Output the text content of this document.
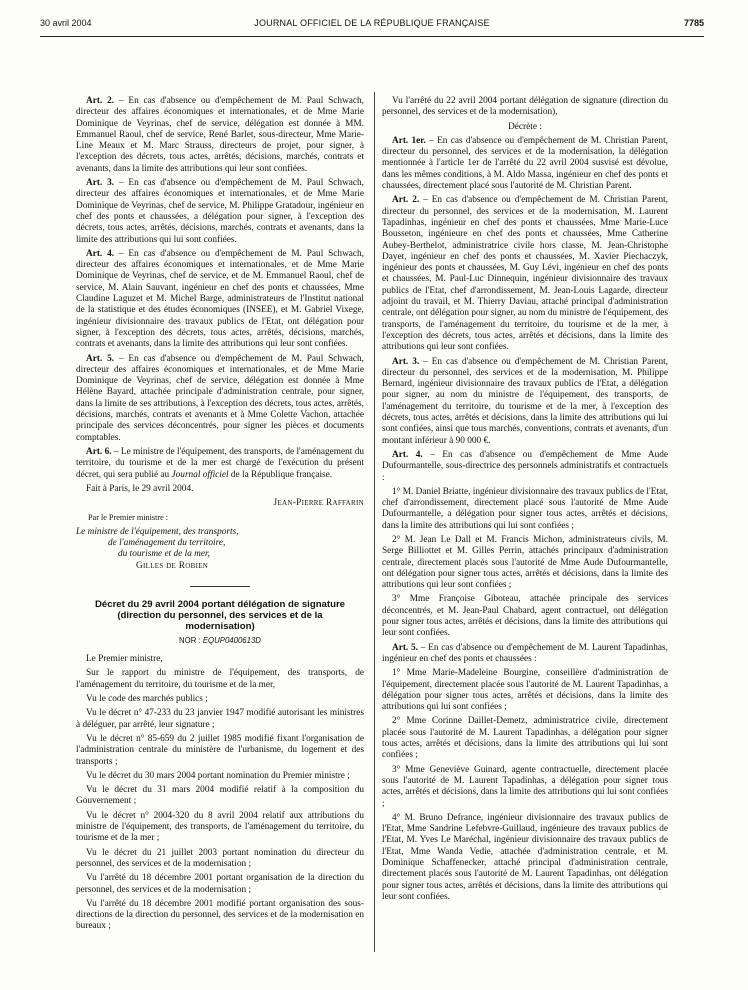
30 avril 2004	JOURNAL OFFICIEL DE LA RÉPUBLIQUE FRANÇAISE	7785

Art. 2. – En cas d'absence ou d'empêchement de M. Paul Schwach, directeur des affaires économiques et internationales, et de Mme Marie Dominique de Veyrinas, chef de service, délégation est donnée à MM. Emmanuel Raoul, chef de service, René Barlet, sous-directeur, Mme Marie-Line Meaux et M. Marc Strauss, directeurs de projet, pour signer, à l'exception des décrets, tous actes, arrêtés, décisions, marchés, contrats et avenants, dans la limite des attributions qui leur sont confiées.

Art. 3. – En cas d'absence ou d'empêchement de M. Paul Schwach, directeur des affaires économiques et internationales, et de Mme Marie Dominique de Veyrinas, chef de service, M. Philippe Gratadour, ingénieur en chef des ponts et chaussées, a délégation pour signer, à l'exception des décrets, tous actes, arrêtés, décisions, marchés, contrats et avenants, dans la limite des attributions qui lui sont confiées.

Art. 4. – En cas d'absence ou d'empêchement de M. Paul Schwach, directeur des affaires économiques et internationales, et de Mme Marie Dominique de Veyrinas, chef de service, et de M. Emmanuel Raoul, chef de service, M. Alain Sauvant, ingénieur en chef des ponts et chaussées, Mme Claudine Laguzet et M. Michel Barge, administrateurs de l'Institut national de la statistique et des études économiques (INSEE), et M. Gabriel Vixege, ingénieur divisionnaire des travaux publics de l'Etat, ont délégation pour signer, à l'exception des décrets, tous actes, arrêtés, décisions, marchés, contrats et avenants, dans la limite des attributions qui leur sont confiées.

Art. 5. – En cas d'absence ou d'empêchement de M. Paul Schwach, directeur des affaires économiques et internationales, et de Mme Marie Dominique de Veyrinas, chef de service, délégation est donnée à Mme Hélène Bayard, attachée principale d'administration centrale, pour signer, dans la limite de ses attributions, à l'exception des décrets, tous actes, arrêtés, décisions, marchés, contrats et avenants et à Mme Colette Vachon, attachée principale des services déconcentrés, pour signer les pièces et documents comptables.

Art. 6. – Le ministre de l'équipement, des transports, de l'aménagement du territoire, du tourisme et de la mer est chargé de l'exécution du présent décret, qui sera publié au Journal officiel de la République française.

Fait à Paris, le 29 avril 2004.

Jean-Pierre Raffarin

Par le Premier ministre :

Le ministre de l'équipement, des transports,
de l'aménagement du territoire,
du tourisme et de la mer,

Gilles de Robien

Décret du 29 avril 2004 portant délégation de signature (direction du personnel, des services et de la modernisation)

NOR : EQUP0400613D

Le Premier ministre,

Sur le rapport du ministre de l'équipement, des transports, de l'aménagement du territoire, du tourisme et de la mer,

Vu le code des marchés publics ;

Vu le décret n° 47-233 du 23 janvier 1947 modifié autorisant les ministres à déléguer, par arrêté, leur signature ;

Vu le décret n° 85-659 du 2 juillet 1985 modifié fixant l'organisation de l'administration centrale du ministère de l'urbanisme, du logement et des transports ;

Vu le décret du 30 mars 2004 portant nomination du Premier ministre ;

Vu le décret du 31 mars 2004 modifié relatif à la composition du Gouvernement ;

Vu le décret n° 2004-320 du 8 avril 2004 relatif aux attributions du ministre de l'équipement, des transports, de l'aménagement du territoire, du tourisme et de la mer ;

Vu le décret du 21 juillet 2003 portant nomination du directeur du personnel, des services et de la modernisation ;

Vu l'arrêté du 18 décembre 2001 portant organisation de la direction du personnel, des services et de la modernisation ;

Vu l'arrêté du 18 décembre 2001 modifié portant organisation des sous-directions de la direction du personnel, des services et de la modernisation en bureaux ;

Vu l'arrêté du 22 avril 2004 portant délégation de signature (direction du personnel, des services et de la modernisation),

Décrète :

Art. 1er. – En cas d'absence ou d'empêchement de M. Christian Parent, directeur du personnel, des services et de la modernisation, la délégation mentionnée à l'article 1er de l'arrêté du 22 avril 2004 susvisé est dévolue, dans les mêmes conditions, à M. Aldo Massa, ingénieur en chef des ponts et chaussées, directement placé sous l'autorité de M. Christian Parent.

Art. 2. – En cas d'absence ou d'empêchement de M. Christian Parent, directeur du personnel, des services et de la modernisation, M. Laurent Tapadinhas, ingénieur en chef des ponts et chaussées, Mme Marie-Luce Bousseton, ingénieure en chef des ponts et chaussées, Mme Catherine Aubey-Berthelot, administratrice civile hors classe, M. Jean-Christophe Dayet, ingénieur en chef des ponts et chaussées, M. Xavier Piechaczyk, ingénieur des ponts et chaussées, M. Guy Lévi, ingénieur en chef des ponts et chaussées, M. Paul-Luc Dinnequin, ingénieur divisionnaire des travaux publics de l'Etat, chef d'arrondissement, M. Jean-Louis Lagarde, directeur adjoint du travail, et M. Thierry Daviau, attaché principal d'administration centrale, ont délégation pour signer, au nom du ministre de l'équipement, des transports, de l'aménagement du territoire, du tourisme et de la mer, à l'exception des décrets, tous actes, arrêtés et décisions, dans la limite des attributions qui leur sont confiées.

Art. 3. – En cas d'absence ou d'empêchement de M. Christian Parent, directeur du personnel, des services et de la modernisation, M. Philippe Bernard, ingénieur divisionnaire des travaux publics de l'Etat, a délégation pour signer, au nom du ministre de l'équipement, des transports, de l'aménagement du territoire, du tourisme et de la mer, à l'exception des décrets, tous actes, arrêtés et décisions, dans la limite des attributions qui lui sont confiées, ainsi que tous marchés, conventions, contrats et avenants, d'un montant inférieur à 90 000 €.

Art. 4. – En cas d'absence ou d'empêchement de Mme Aude Dufourmantelle, sous-directrice des personnels administratifs et contractuels :

1° M. Daniel Briatte, ingénieur divisionnaire des travaux publics de l'Etat, chef d'arrondissement, directement placé sous l'autorité de Mme Aude Dufourmantelle, a délégation pour signer tous actes, arrêtés et décisions, dans la limite des attributions qui lui sont confiées ;

2° M. Jean Le Dall et M. Francis Michon, administrateurs civils, M. Serge Billiottet et M. Gilles Perrin, attachés principaux d'administration centrale, directement placés sous l'autorité de Mme Aude Dufourmantelle, ont délégation pour signer tous actes, arrêtés et décisions, dans la limite des attributions qui leur sont confiées ;

3° Mme Françoise Giboteau, attachée principale des services déconcentrés, et M. Jean-Paul Chabard, agent contractuel, ont délégation pour signer tous actes, arrêtés et décisions, dans la limite des attributions qui leur sont confiées.

Art. 5. – En cas d'absence ou d'empêchement de M. Laurent Tapadinhas, ingénieur en chef des ponts et chaussées :

1° Mme Marie-Madeleine Bourgine, conseillère d'administration de l'équipement, directement placée sous l'autorité de M. Laurent Tapadinhas, a délégation pour signer tous actes, arrêtés et décisions, dans la limite des attributions qui lui sont confiées ;

2° Mme Corinne Daillet-Demetz, administratrice civile, directement placée sous l'autorité de M. Laurent Tapadinhas, a délégation pour signer tous actes, arrêtés et décisions, dans la limite des attributions qui lui sont confiées ;

3° Mme Geneviève Guinard, agente contractuelle, directement placée sous l'autorité de M. Laurent Tapadinhas, a délégation pour signer tous actes, arrêtés et décisions, dans la limite des attributions qui lui sont confiées ;

4° M. Bruno Defrance, ingénieur divisionnaire des travaux publics de l'Etat, Mme Sandrine Lefebvre-Guillaud, ingénieure des travaux publics de l'Etat, M. Yves Le Maréchal, ingénieur divisionnaire des travaux publics de l'Etat, Mme Wanda Vedie, attachée d'administration centrale, et M. Dominique Schaffenecker, attaché principal d'administration centrale, directement placés sous l'autorité de M. Laurent Tapadinhas, ont délégation pour signer tous actes, arrêtés et décisions, dans la limite des attributions qui leur sont confiées.
